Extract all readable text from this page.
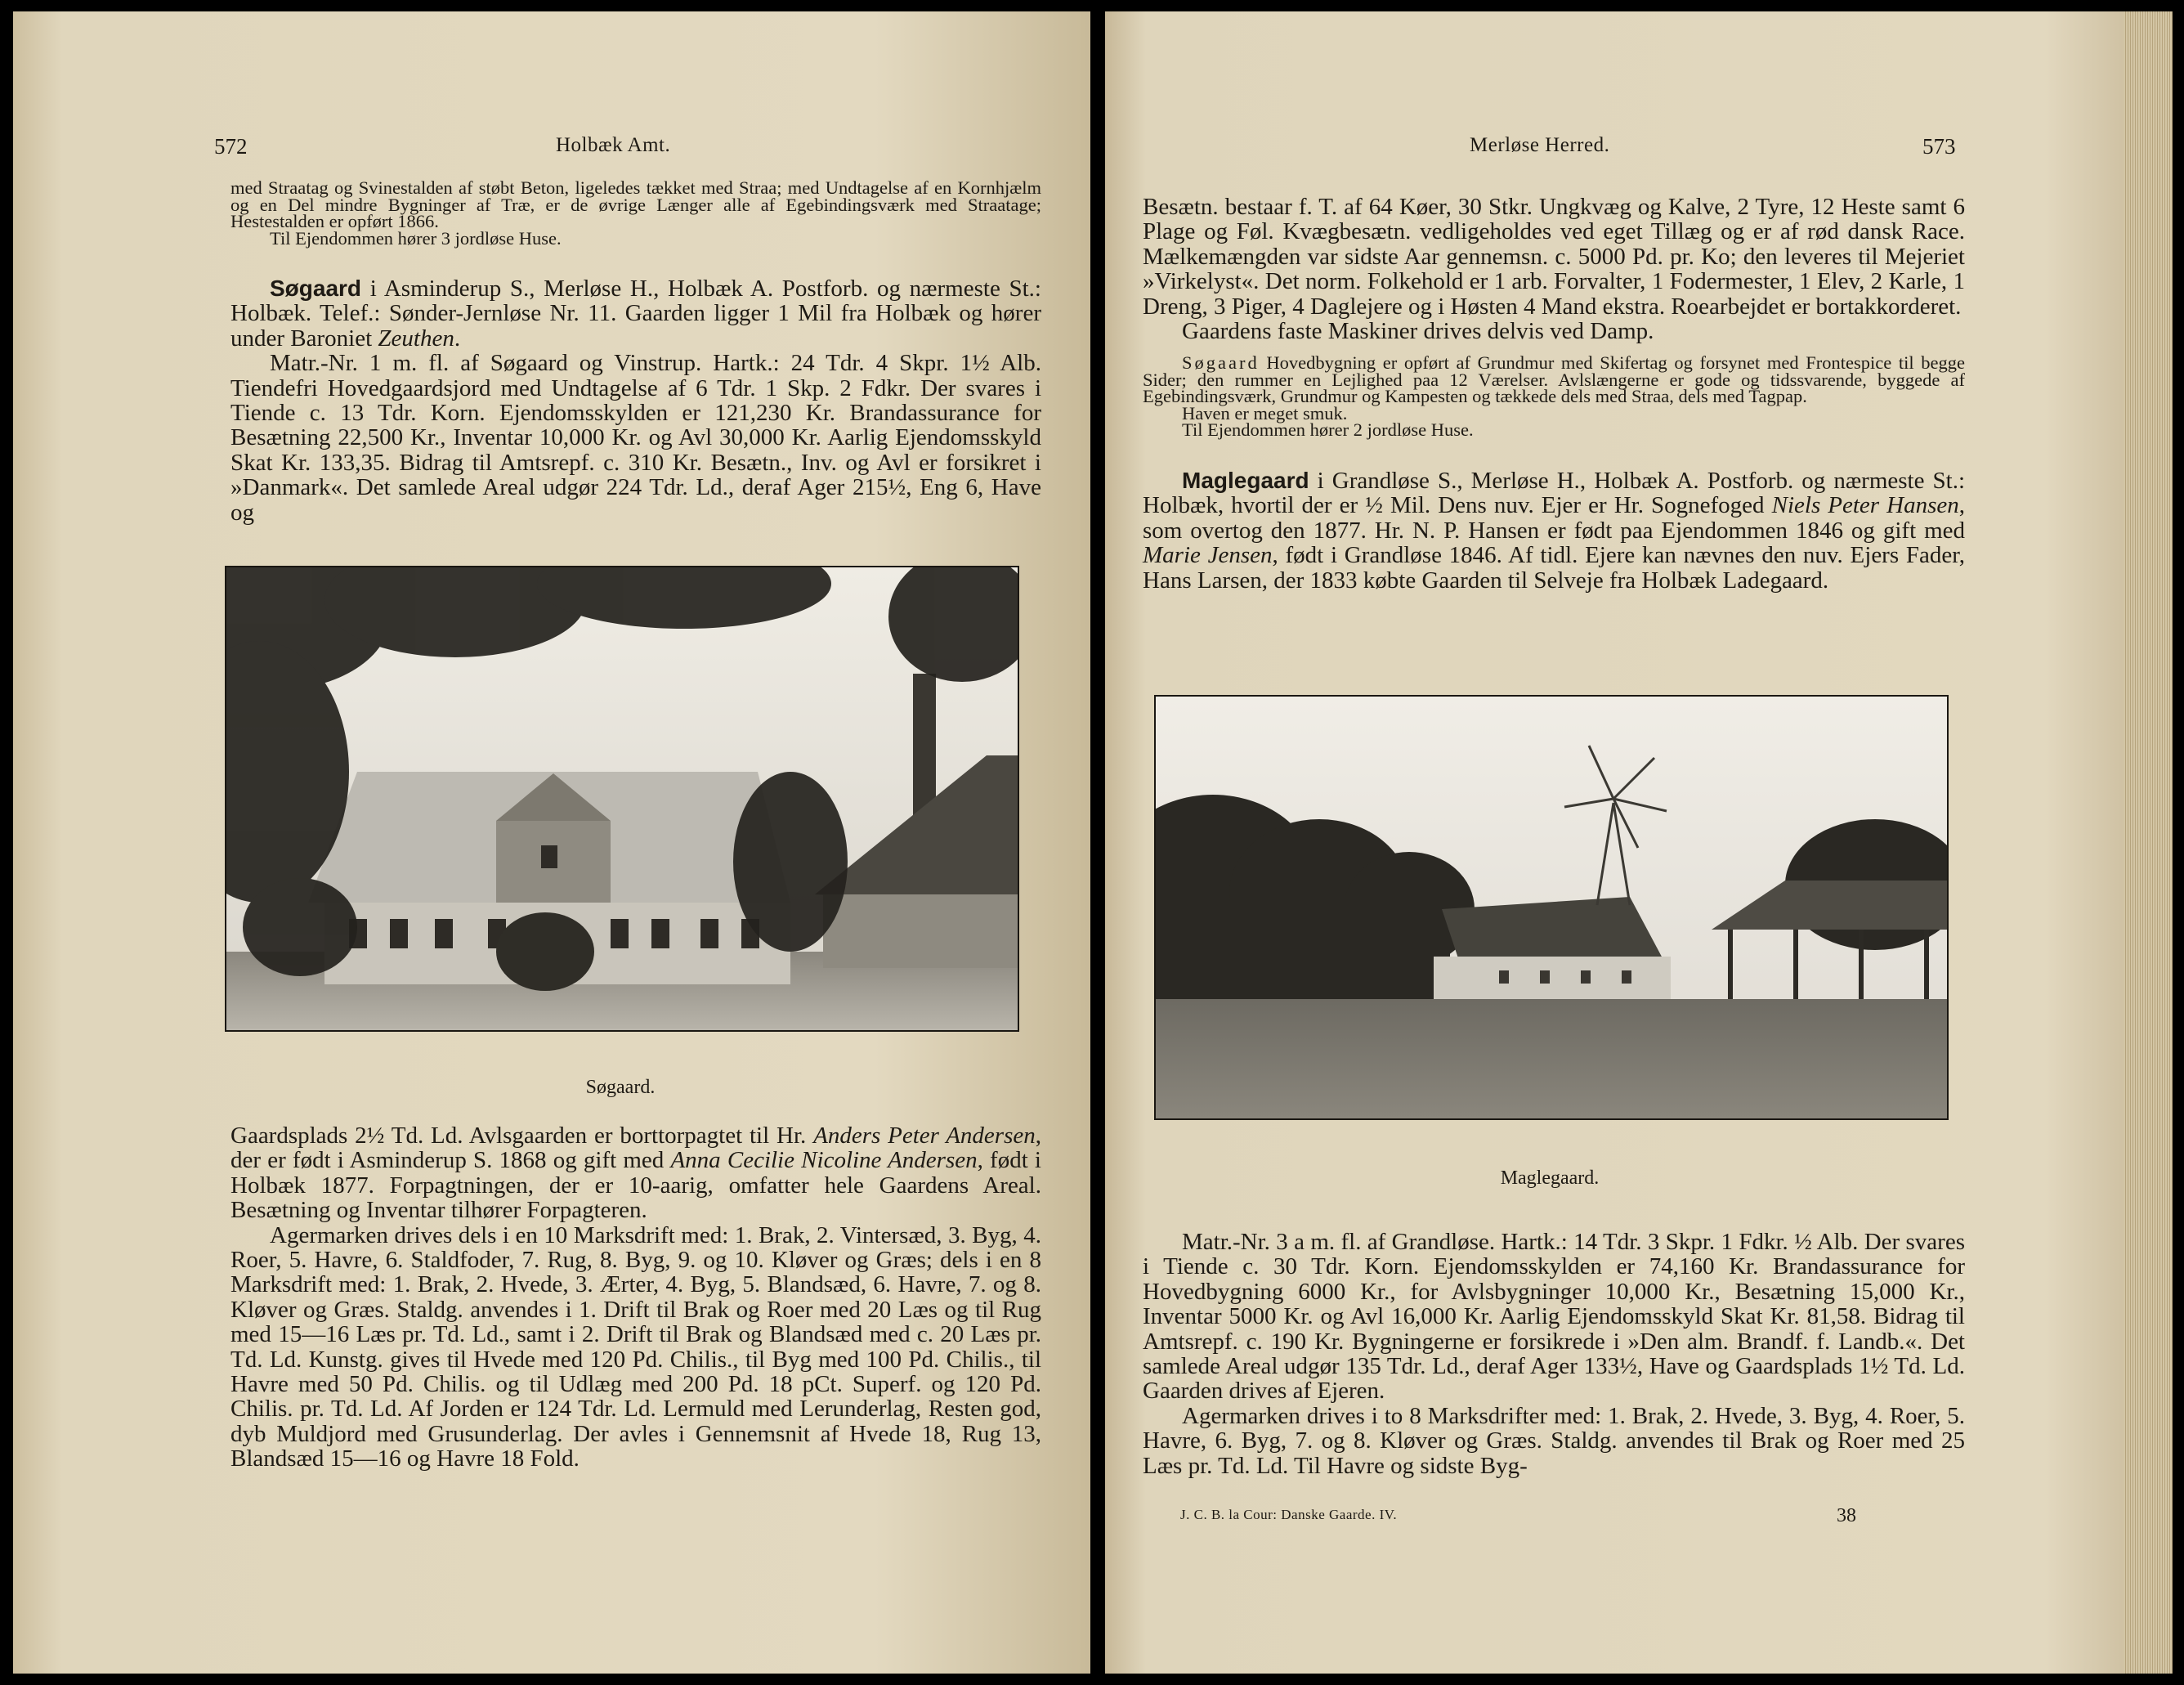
572	Holbæk Amt.

med Straatag og Svinestalden af støbt Beton, ligeledes tækket med Straa; med Undtagelse af en Kornhjælm og en Del mindre Bygninger af Træ, er de øvrige Længer alle af Egebindingsværk med Straatage; Hestestalden er opført 1866.

Til Ejendommen hører 3 jordløse Huse.

Søgaard i Asminderup S., Merløse H., Holbæk A. Postforb. og nærmeste St.: Holbæk. Telef.: Sønder-Jernløse Nr. 11. Gaarden ligger 1 Mil fra Holbæk og hører under Baroniet Zeuthen.

Matr.-Nr. 1 m. fl. af Søgaard og Vinstrup. Hartk.: 24 Tdr. 4 Skpr. 1½ Alb. Tiendefri Hovedgaardsjord med Undtagelse af 6 Tdr. 1 Skp. 2 Fdkr. Der svares i Tiende c. 13 Tdr. Korn. Ejendomsskylden er 121,230 Kr. Brandassurance for Besætning 22,500 Kr., Inventar 10,000 Kr. og Avl 30,000 Kr. Aarlig Ejendomsskyld Skat Kr. 133,35. Bidrag til Amtsrepf. c. 310 Kr. Besætn., Inv. og Avl er forsikret i »Danmark«. Det samlede Areal udgør 224 Tdr. Ld., deraf Ager 215½, Eng 6, Have og

Søgaard.

Gaardsplads 2½ Td. Ld. Avlsgaarden er borttorpagtet til Hr. Anders Peter Andersen, der er født i Asminderup S. 1868 og gift med Anna Cecilie Nicoline Andersen, født i Holbæk 1877. Forpagtningen, der er 10-aarig, omfatter hele Gaardens Areal. Besætning og Inventar tilhører Forpagteren.

Agermarken drives dels i en 10 Marksdrift med: 1. Brak, 2. Vintersæd, 3. Byg, 4. Roer, 5. Havre, 6. Staldfoder, 7. Rug, 8. Byg, 9. og 10. Kløver og Græs; dels i en 8 Marksdrift med: 1. Brak, 2. Hvede, 3. Ærter, 4. Byg, 5. Blandsæd, 6. Havre, 7. og 8. Kløver og Græs. Staldg. anvendes i 1. Drift til Brak og Roer med 20 Læs og til Rug med 15—16 Læs pr. Td. Ld., samt i 2. Drift til Brak og Blandsæd med c. 20 Læs pr. Td. Ld. Kunstg. gives til Hvede med 120 Pd. Chilis., til Byg med 100 Pd. Chilis., til Havre med 50 Pd. Chilis. og til Udlæg med 200 Pd. 18 pCt. Superf. og 120 Pd. Chilis. pr. Td. Ld. Af Jorden er 124 Tdr. Ld. Lermuld med Lerunderlag, Resten god, dyb Muldjord med Grusunderlag. Der avles i Gennemsnit af Hvede 18, Rug 13, Blandsæd 15—16 og Havre 18 Fold.

Merløse Herred.	573

Besætn. bestaar f. T. af 64 Køer, 30 Stkr. Ungkvæg og Kalve, 2 Tyre, 12 Heste samt 6 Plage og Føl. Kvægbesætn. vedligeholdes ved eget Tillæg og er af rød dansk Race. Mælkemængden var sidste Aar gennemsn. c. 5000 Pd. pr. Ko; den leveres til Mejeriet »Virkelyst«. Det norm. Folkehold er 1 arb. Forvalter, 1 Fodermester, 1 Elev, 2 Karle, 1 Dreng, 3 Piger, 4 Daglejere og i Høsten 4 Mand ekstra. Roearbejdet er bortakkorderet.

Gaardens faste Maskiner drives delvis ved Damp.

Søgaard Hovedbygning er opført af Grundmur med Skifertag og forsynet med Frontespice til begge Sider; den rummer en Lejlighed paa 12 Værelser. Avlslængerne er gode og tidssvarende, byggede af Egebindingsværk, Grundmur og Kampesten og tækkede dels med Straa, dels med Tagpap.

Haven er meget smuk.

Til Ejendommen hører 2 jordløse Huse.

Maglegaard i Grandløse S., Merløse H., Holbæk A. Postforb. og nærmeste St.: Holbæk, hvortil der er ½ Mil. Dens nuv. Ejer er Hr. Sognefoged Niels Peter Hansen, som overtog den 1877. Hr. N. P. Hansen er født paa Ejendommen 1846 og gift med Marie Jensen, født i Grandløse 1846. Af tidl. Ejere kan nævnes den nuv. Ejers Fader, Hans Larsen, der 1833 købte Gaarden til Selveje fra Holbæk Ladegaard.

Maglegaard.

Matr.-Nr. 3 a m. fl. af Grandløse. Hartk.: 14 Tdr. 3 Skpr. 1 Fdkr. ½ Alb. Der svares i Tiende c. 30 Tdr. Korn. Ejendomsskylden er 74,160 Kr. Brandassurance for Hovedbygning 6000 Kr., for Avlsbygninger 10,000 Kr., Besætning 15,000 Kr., Inventar 5000 Kr. og Avl 16,000 Kr. Aarlig Ejendomsskyld Skat Kr. 81,58. Bidrag til Amtsrepf. c. 190 Kr. Bygningerne er forsikrede i »Den alm. Brandf. f. Landb.«. Det samlede Areal udgør 135 Tdr. Ld., deraf Ager 133½, Have og Gaardsplads 1½ Td. Ld. Gaarden drives af Ejeren.

Agermarken drives i to 8 Marksdrifter med: 1. Brak, 2. Hvede, 3. Byg, 4. Roer, 5. Havre, 6. Byg, 7. og 8. Kløver og Græs. Staldg. anvendes til Brak og Roer med 25 Læs pr. Td. Ld. Til Havre og sidste Byg-

J. C. B. la Cour: Danske Gaarde. IV.	38
